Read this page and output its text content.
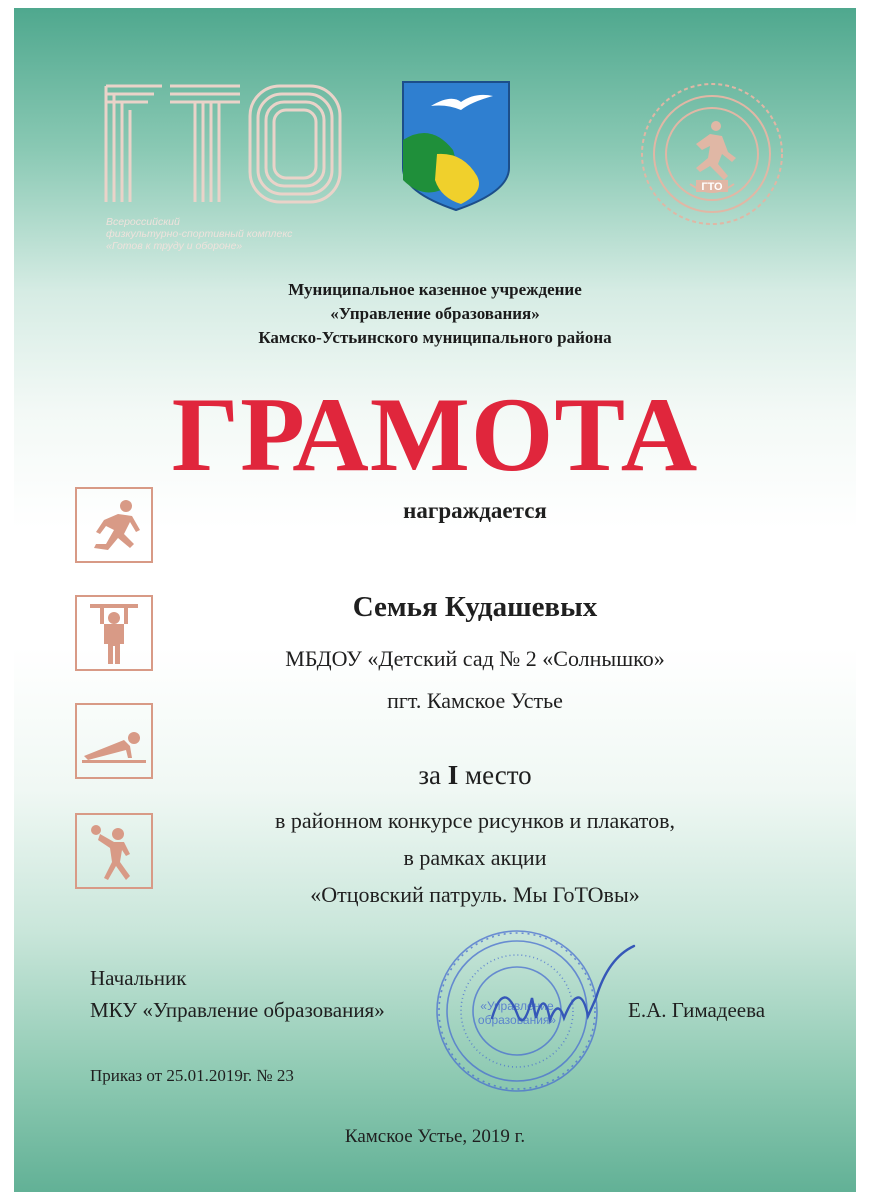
Всероссийский
физкультурно-спортивный комплекс
«Готов к труду и обороне»
ГТО
Муниципальное казенное учреждение
«Управление образования»
Камско-Устьинского муниципального района
ГРАМОТА
награждается
Семья Кудашевых
МБДОУ «Детский сад № 2 «Солнышко»
пгт. Камское Устье
за I место
в районном конкурсе рисунков и плакатов,
в рамках акции
«Отцовский патруль. Мы ГоТОвы»
«Управление
образования»
Начальник
МКУ «Управление образования»	Е.А. Гимадеева
Приказ от 25.01.2019г. № 23
Камское Устье, 2019 г.
